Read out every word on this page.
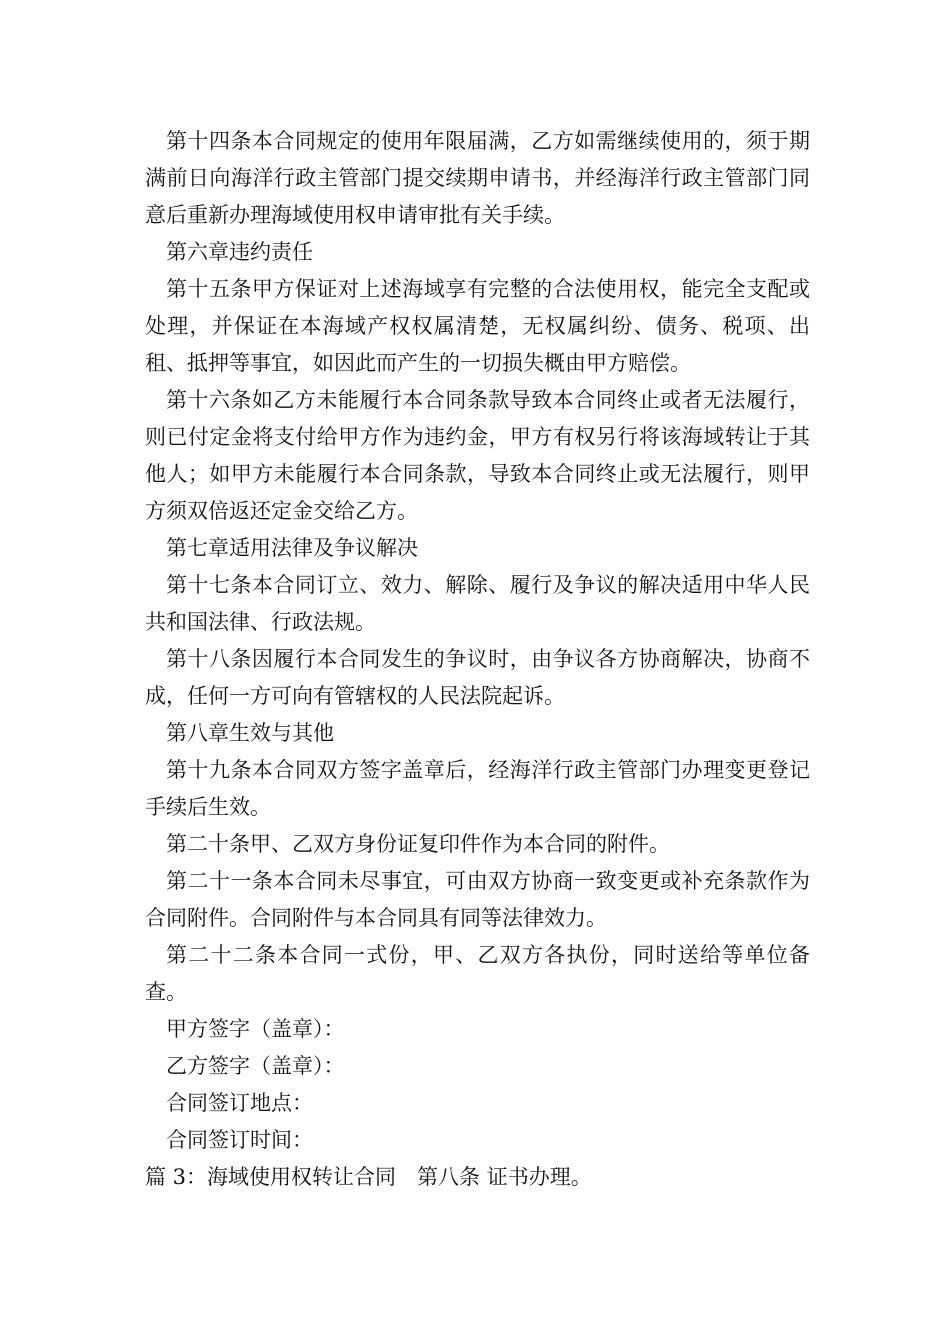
第十四条本合同规定的使用年限届满，乙方如需继续使用的，须于期满前日向海洋行政主管部门提交续期申请书，并经海洋行政主管部门同意后重新办理海域使用权申请审批有关手续。

第六章违约责任

第十五条甲方保证对上述海域享有完整的合法使用权，能完全支配或处理，并保证在本海域产权权属清楚，无权属纠纷、债务、税项、出租、抵押等事宜，如因此而产生的一切损失概由甲方赔偿。

第十六条如乙方未能履行本合同条款导致本合同终止或者无法履行，则已付定金将支付给甲方作为违约金，甲方有权另行将该海域转让于其他人；如甲方未能履行本合同条款，导致本合同终止或无法履行，则甲方须双倍返还定金交给乙方。

第七章适用法律及争议解决

第十七条本合同订立、效力、解除、履行及争议的解决适用中华人民共和国法律、行政法规。

第十八条因履行本合同发生的争议时，由争议各方协商解决，协商不成，任何一方可向有管辖权的人民法院起诉。

第八章生效与其他

第十九条本合同双方签字盖章后，经海洋行政主管部门办理变更登记手续后生效。

第二十条甲、乙双方身份证复印件作为本合同的附件。

第二十一条本合同未尽事宜，可由双方协商一致变更或补充条款作为合同附件。合同附件与本合同具有同等法律效力。

第二十二条本合同一式份，甲、乙双方各执份，同时送给等单位备查。

甲方签字（盖章）：

乙方签字（盖章）：

合同签订地点：

合同签订时间：

篇 3：海域使用权转让合同　第八条 证书办理。
